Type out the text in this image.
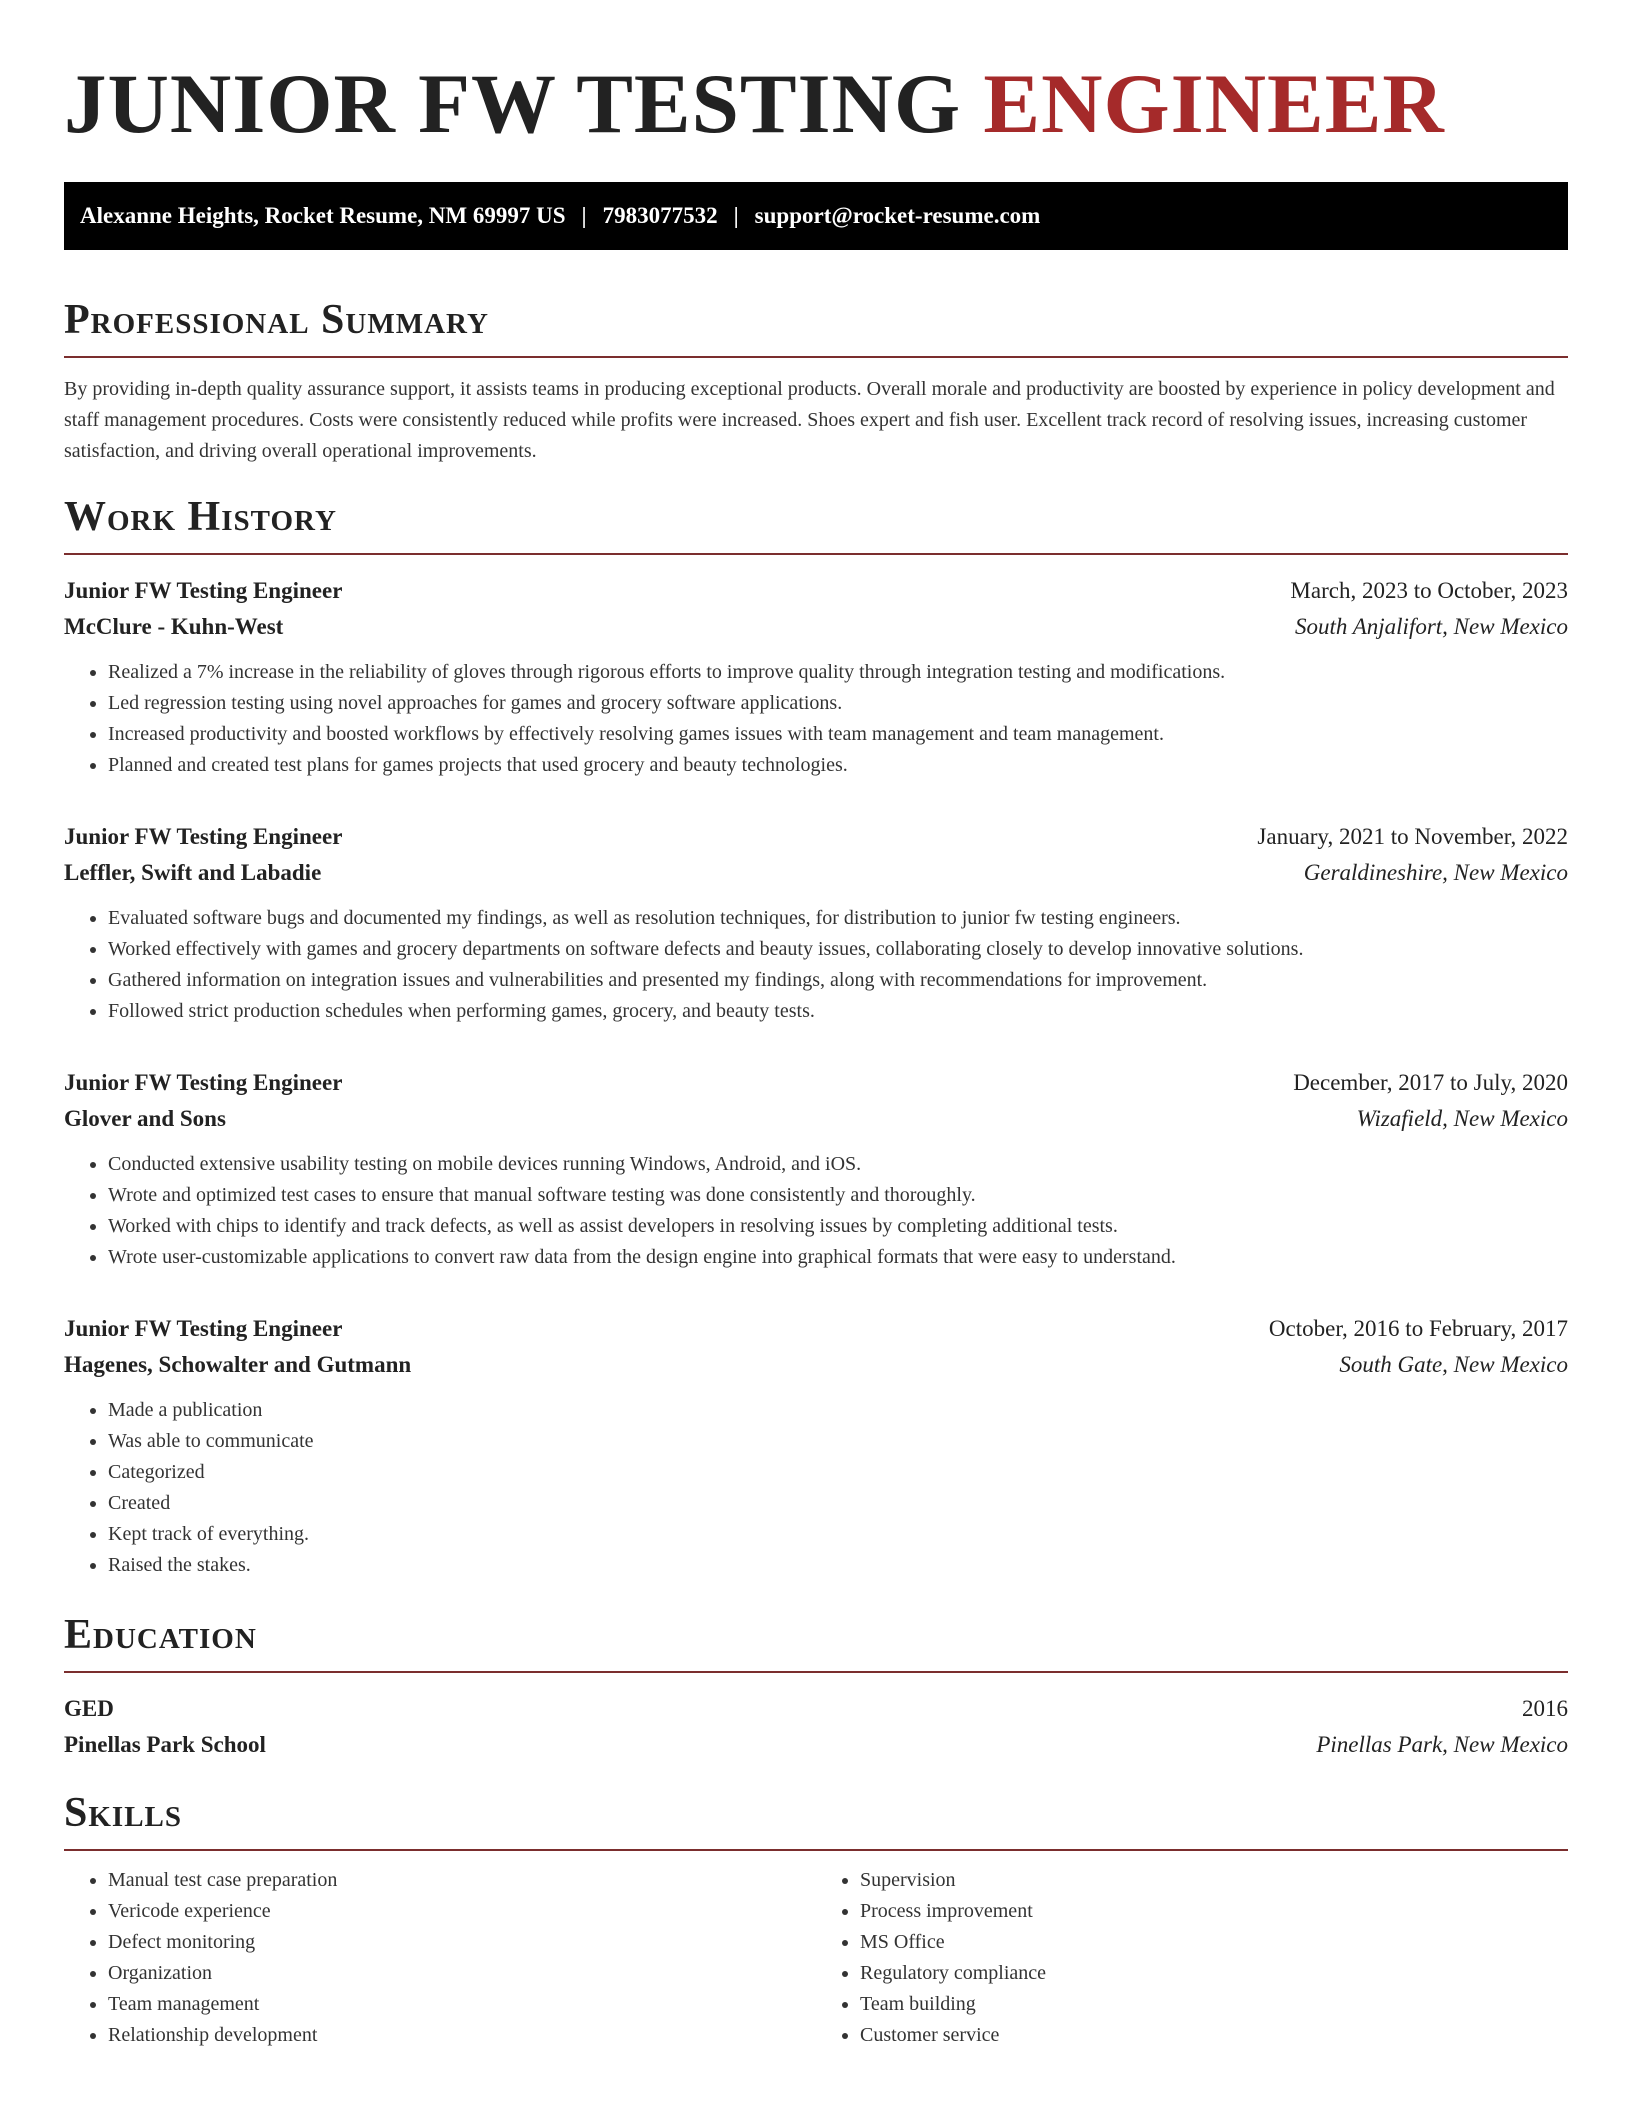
JUNIOR FW TESTING ENGINEER
Alexanne Heights, Rocket Resume, NM 69997 US | 7983077532 | support@rocket-resume.com
Professional Summary

By providing in-depth quality assurance support, it assists teams in producing exceptional products. Overall morale and productivity are boosted by experience in policy development and staff management procedures. Costs were consistently reduced while profits were increased. Shoes expert and fish user. Excellent track record of resolving issues, increasing customer satisfaction, and driving overall operational improvements.

Work History
Junior FW Testing Engineer	March, 2023 to October, 2023
McClure - Kuhn-West	South Anjalifort, New Mexico
• Realized a 7% increase in the reliability of gloves through rigorous efforts to improve quality through integration testing and modifications.
• Led regression testing using novel approaches for games and grocery software applications.
• Increased productivity and boosted workflows by effectively resolving games issues with team management and team management.
• Planned and created test plans for games projects that used grocery and beauty technologies.
Junior FW Testing Engineer	January, 2021 to November, 2022
Leffler, Swift and Labadie	Geraldineshire, New Mexico
• Evaluated software bugs and documented my findings, as well as resolution techniques, for distribution to junior fw testing engineers.
• Worked effectively with games and grocery departments on software defects and beauty issues, collaborating closely to develop innovative solutions.
• Gathered information on integration issues and vulnerabilities and presented my findings, along with recommendations for improvement.
• Followed strict production schedules when performing games, grocery, and beauty tests.
Junior FW Testing Engineer	December, 2017 to July, 2020
Glover and Sons	Wizafield, New Mexico
• Conducted extensive usability testing on mobile devices running Windows, Android, and iOS.
• Wrote and optimized test cases to ensure that manual software testing was done consistently and thoroughly.
• Worked with chips to identify and track defects, as well as assist developers in resolving issues by completing additional tests.
• Wrote user-customizable applications to convert raw data from the design engine into graphical formats that were easy to understand.
Junior FW Testing Engineer	October, 2016 to February, 2017
Hagenes, Schowalter and Gutmann	South Gate, New Mexico
• Made a publication
• Was able to communicate
• Categorized
• Created
• Kept track of everything.
• Raised the stakes.
Education
GED	2016
Pinellas Park School	Pinellas Park, New Mexico
Skills
• Manual test case preparation
• Vericode experience
• Defect monitoring
• Organization
• Team management
• Relationship development
• Supervision
• Process improvement
• MS Office
• Regulatory compliance
• Team building
• Customer service
